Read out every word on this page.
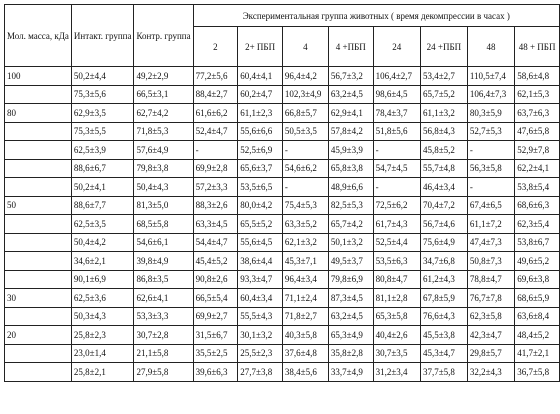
Мол. масса, кДа	Интакт. группа	Контр. группа	Экспериментальная группа животных ( время декомпрессии в часах )							
			2	2+ ПБП	4	4 +ПБП	24	24 +ПБП	48	48 + ПБП
100	50,2±4,4	49,2±2,9	77,2±5,6	60,4±4,1	96,4±4,2	56,7±3,2	106,4±2,7	53,4±2,7	110,5±7,4	58,6±4,8
	75,3±5,6	66,5±3,1	88,4±2,7	60,2±4,7	102,3±4,9	63,2±4,5	98,6±4,5	65,7±5,2	106,4±7,3	62,1±5,3
80	62,9±3,5	62,7±4,2	61,6±6,2	61,1±2,3	66,8±5,7	62,9±4,1	78,4±3,7	61,1±3,2	80,3±5,9	63,7±6,3
	75,3±5,5	71,8±5,3	52,4±4,7	55,6±6,6	50,5±3,5	57,8±4,2	51,8±5,6	56,8±4,3	52,7±5,3	47,6±5,8
	62,5±3,9	57,6±4,9	-	52,5±6,9	-	45,9±3,9	-	45,8±5,2	-	52,9±7,8
	88,6±6,7	79,8±3,8	69,9±2,8	65,6±3,7	54,6±6,2	65,8±3,8	54,7±4,5	55,7±4,8	56,3±5,8	62,2±4,1
	50,2±4,1	50,4±4,3	57,2±3,3	53,5±6,5	-	48,9±6,6	-	46,4±3,4	-	53,8±5,4
50	88,6±7,7	81,3±5,0	88,3±2,6	80,0±4,2	75,4±5,3	82,5±5,3	72,5±6,2	70,4±7,2	67,4±6,5	68,6±6,3
	62,5±3,5	68,5±5,8	63,3±4,5	65,5±5,2	63,3±5,2	65,7±4,2	61,7±4,3	56,7±4,6	61,1±7,2	62,3±5,4
	50,4±4,2	54,6±6,1	54,4±4,7	55,6±4,5	62,1±3,2	50,1±3,2	52,5±4,4	75,6±4,9	47,4±7,3	53,8±6,7
	34,6±2,1	39,8±4,9	45,4±5,2	38,6±4,4	45,3±7,1	49,5±3,7	53,5±6,3	34,7±6,8	50,8±7,3	49,6±5,2
	90,1±6,9	86,8±3,5	90,8±2,6	93,3±4,7	96,4±3,4	79,8±6,9	80,8±4,7	61,2±4,3	78,8±4,7	69,6±3,8
30	62,5±3,6	62,6±4,1	66,5±5,4	60,4±3,4	71,1±2,4	87,3±4,5	81,1±2,8	67,8±5,9	76,7±7,8	68,6±5,9
	50,3±4,3	53,3±3,3	69,9±2,7	55,5±4,3	71,8±2,7	63,2±4,5	65,3±5,8	76,6±4,3	62,3±5,8	63,6±8,4
20	25,8±2,3	30,7±2,8	31,5±6,7	30,1±3,2	40,3±5,8	65,3±4,9	40,4±2,6	45,5±3,8	42,3±4,7	48,4±5,2
	23,0±1,4	21,1±5,8	35,5±2,5	25,5±2,3	37,6±4,8	35,8±2,8	30,7±3,5	45,3±4,7	29,8±5,7	41,7±2,1
	25,8±2,1	27,9±5,8	39,6±6,3	27,7±3,8	38,4±5,6	33,7±4,9	31,2±3,4	37,7±5,8	32,2±4,3	36,7±5,8
